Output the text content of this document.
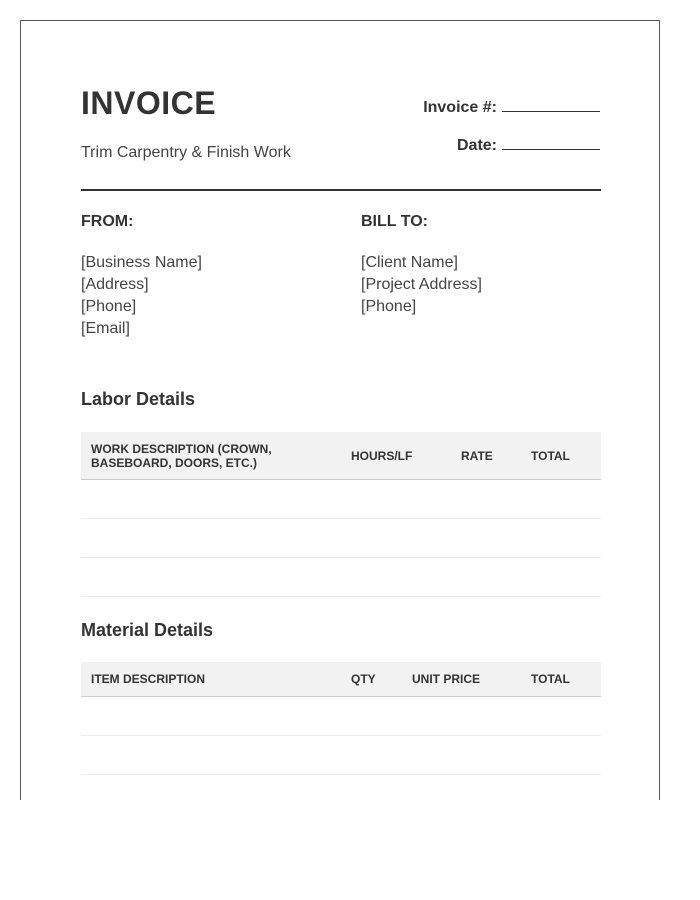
INVOICE
Trim Carpentry & Finish Work
Invoice #:
Date:
FROM:
[Business Name]
[Address]
[Phone]
[Email]
BILL TO:
[Client Name]
[Project Address]
[Phone]
Labor Details
WORK DESCRIPTION (CROWN, BASEBOARD, DOORS, ETC.)	HOURS/LF	RATE	TOTAL
Material Details
ITEM DESCRIPTION	QTY	UNIT PRICE	TOTAL
